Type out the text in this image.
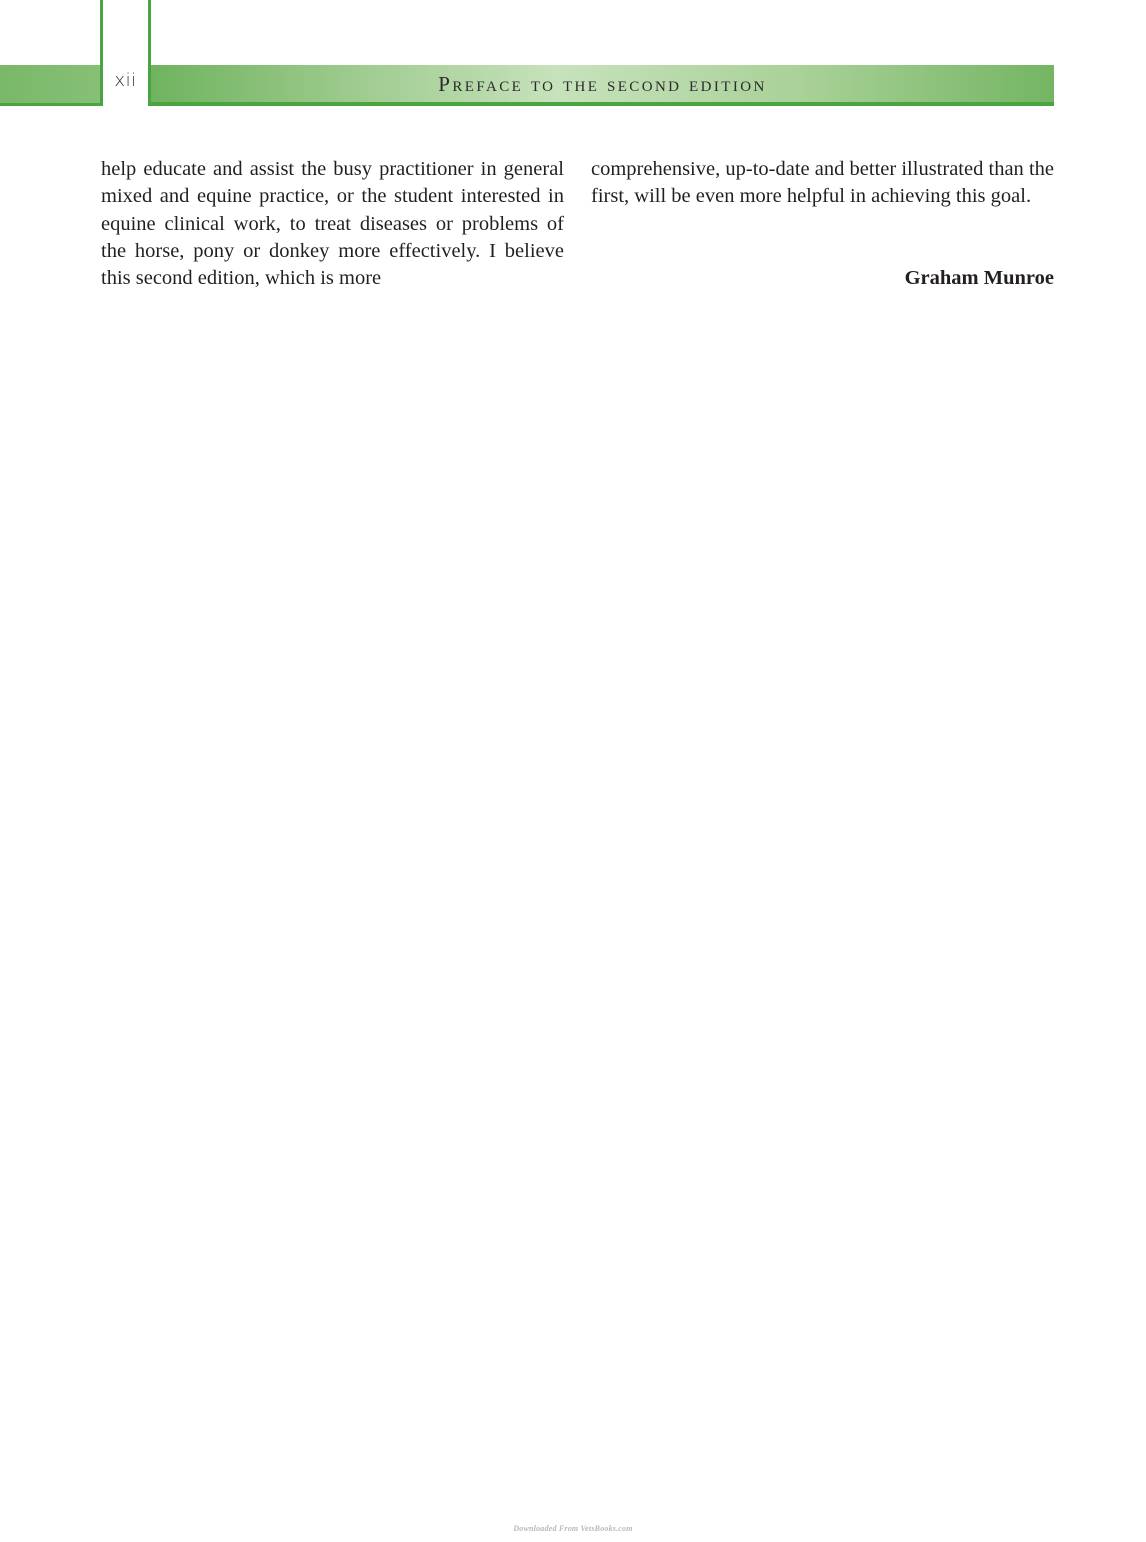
xii	Preface to the second edition

help educate and assist the busy practitioner in general mixed and equine practice, or the student interested in equine clinical work, to treat diseases or problems of the horse, pony or donkey more effectively. I believe this second edition, which is more

comprehensive, up-to-date and better illustrated than the first, will be even more helpful in achieving this goal.

Graham Munroe
Downloaded From VetsBooks.com
